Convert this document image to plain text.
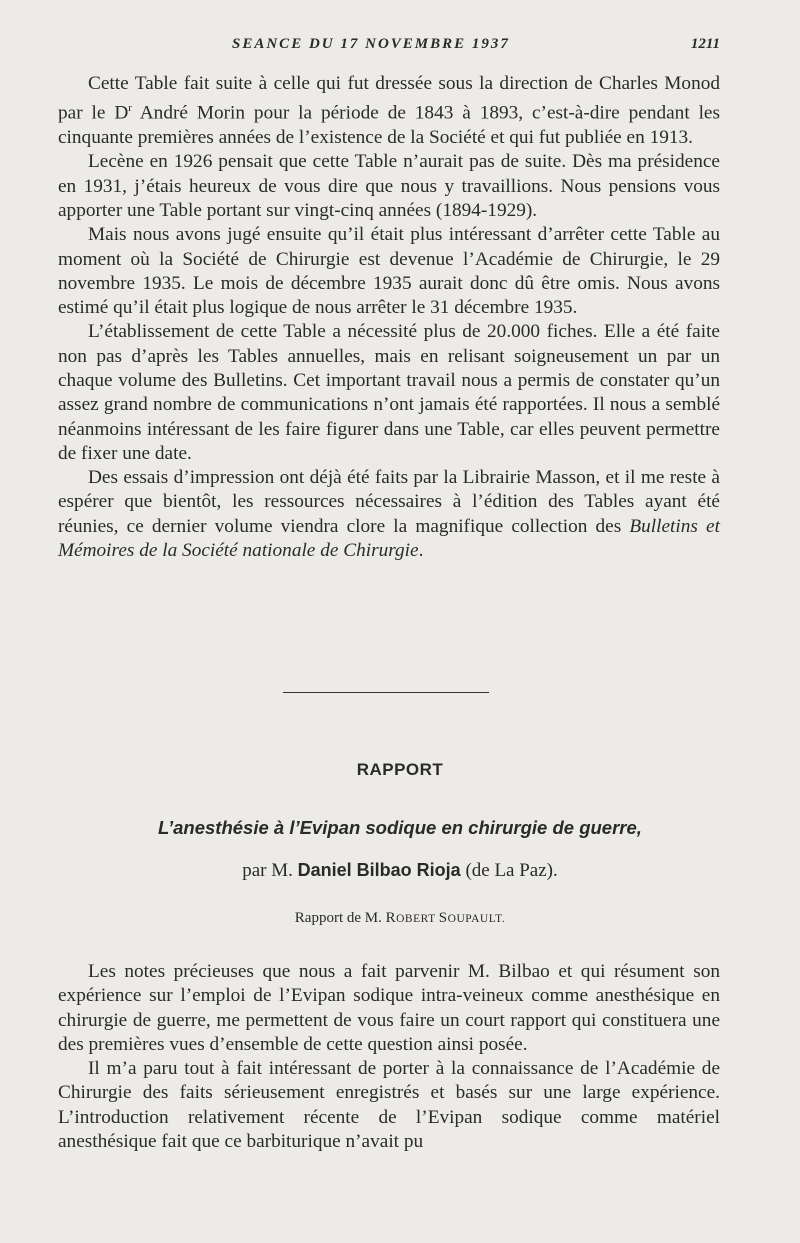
SEANCE DU 17 NOVEMBRE 1937	1211

Cette Table fait suite à celle qui fut dressée sous la direction de Charles Monod par le $D^r$ André Morin pour la période de 1843 à 1893, c’est-à-dire pendant les cinquante premières années de l’existence de la Société et qui fut publiée en 1913.

Lecène en 1926 pensait que cette Table n’aurait pas de suite. Dès ma présidence en 1931, j’étais heureux de vous dire que nous y travaillions. Nous pensions vous apporter une Table portant sur vingt-cinq années (1894-1929).

Mais nous avons jugé ensuite qu’il était plus intéressant d’arrêter cette Table au moment où la Société de Chirurgie est devenue l’Académie de Chirurgie, le 29 novembre 1935. Le mois de décembre 1935 aurait donc dû être omis. Nous avons estimé qu’il était plus logique de nous arrêter le 31 décembre 1935.

L’établissement de cette Table a nécessité plus de 20.000 fiches. Elle a été faite non pas d’après les Tables annuelles, mais en relisant soigneusement un par un chaque volume des Bulletins. Cet important travail nous a permis de constater qu’un assez grand nombre de communications n’ont jamais été rapportées. Il nous a semblé néanmoins intéressant de les faire figurer dans une Table, car elles peuvent permettre de fixer une date.

Des essais d’impression ont déjà été faits par la Librairie Masson, et il me reste à espérer que bientôt, les ressources nécessaires à l’édition des Tables ayant été réunies, ce dernier volume viendra clore la magnifique collection des Bulletins et Mémoires de la Société nationale de Chirurgie.

RAPPORT
L’anesthésie à l’Evipan sodique en chirurgie de guerre,
par M. Daniel Bilbao Rioja (de La Paz).
Rapport de M. ROBERT SOUPAULT.

Les notes précieuses que nous a fait parvenir M. Bilbao et qui résument son expérience sur l’emploi de l’Evipan sodique intra-veineux comme anesthésique en chirurgie de guerre, me permettent de vous faire un court rapport qui constituera une des premières vues d’ensemble de cette question ainsi posée.

Il m’a paru tout à fait intéressant de porter à la connaissance de l’Académie de Chirurgie des faits sérieusement enregistrés et basés sur une large expérience. L’introduction relativement récente de l’Evipan sodique comme matériel anesthésique fait que ce barbiturique n’avait pu
